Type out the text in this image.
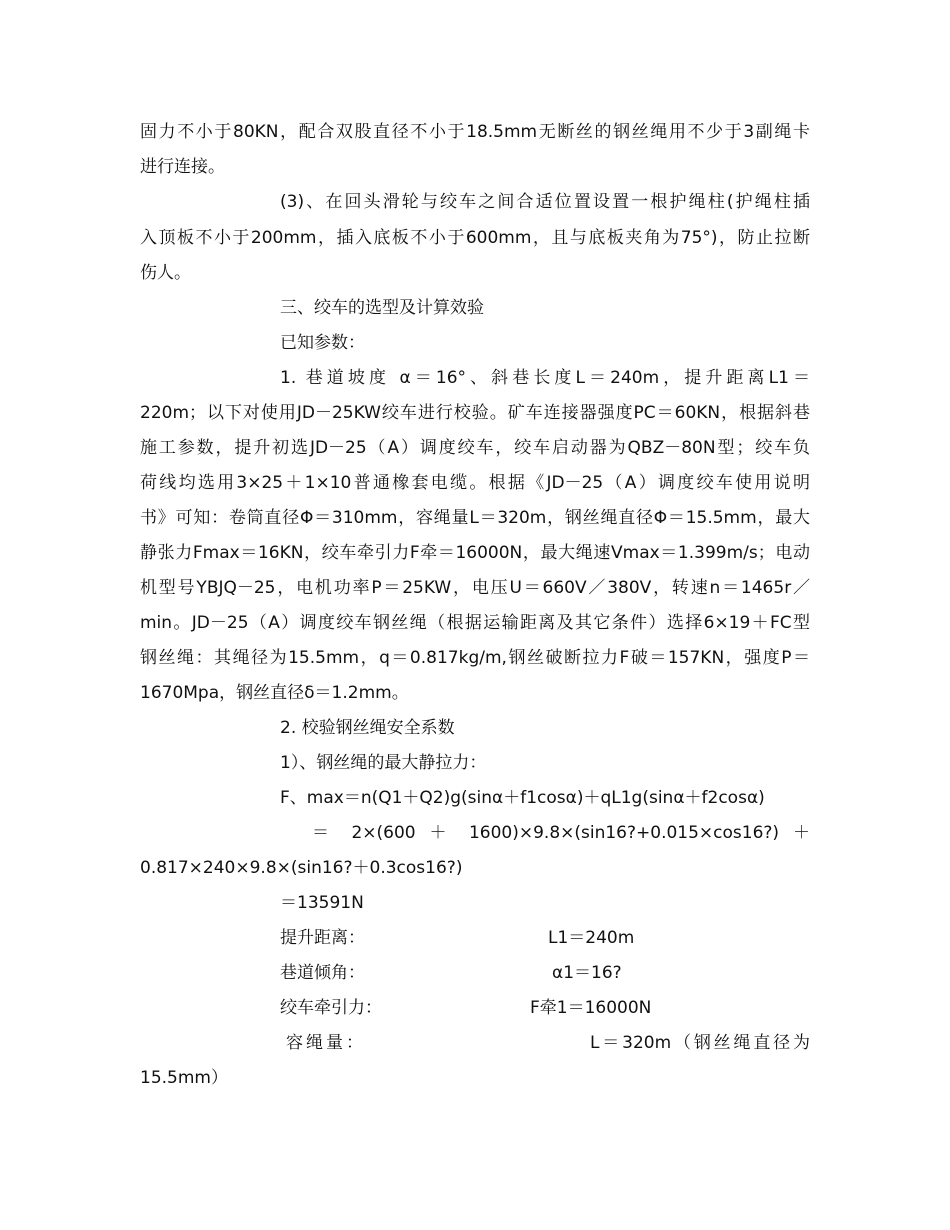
固力不小于80KN，配合双股直径不小于18.5mm无断丝的钢丝绳用不少于3副绳卡
进行连接。
(3)、在回头滑轮与绞车之间合适位置设置一根护绳柱(护绳柱插
入顶板不小于200mm，插入底板不小于600mm，且与底板夹角为75°)，防止拉断
伤人。
三、绞车的选型及计算效验
已知参数：
1. 巷道坡度 α＝16°、斜巷长度L＝240m，提升距离L1＝
220m；以下对使用JD－25KW绞车进行校验。矿车连接器强度PC＝60KN，根据斜巷
施工参数，提升初选JD－25（A）调度绞车，绞车启动器为QBZ－80N型；绞车负
荷线均选用3×25＋1×10普通橡套电缆。根据《JD－25（A）调度绞车使用说明
书》可知：卷筒直径Φ＝310mm，容绳量L＝320m，钢丝绳直径Φ＝15.5mm，最大
静张力Fmax＝16KN，绞车牵引力F牵＝16000N，最大绳速Vmax＝1.399m/s；电动
机型号YBJQ－25，电机功率P＝25KW，电压U＝660V／380V，转速n＝1465r／
min。JD－25（A）调度绞车钢丝绳（根据运输距离及其它条件）选择6×19＋FC型
钢丝绳：其绳径为15.5mm，q＝0.817kg/m,钢丝破断拉力F破＝157KN，强度P＝
1670Mpa，钢丝直径δ＝1.2mm。
2. 校验钢丝绳安全系数
1）、钢丝绳的最大静拉力：
F、max＝n(Q1＋Q2)g(sinα＋f1cosα)＋qL1g(sinα＋f2cosα)
＝ 2×(600 ＋ 1600)×9.8×(sin16?+0.015×cos16?) ＋
0.817×240×9.8×(sin16?＋0.3cos16?)
＝13591N
提升距离：	L1＝240m
巷道倾角：	α1＝16?
绞车牵引力：	F牵1＝16000N
容绳量：	L＝320m（钢丝绳直径为
15.5mm）
